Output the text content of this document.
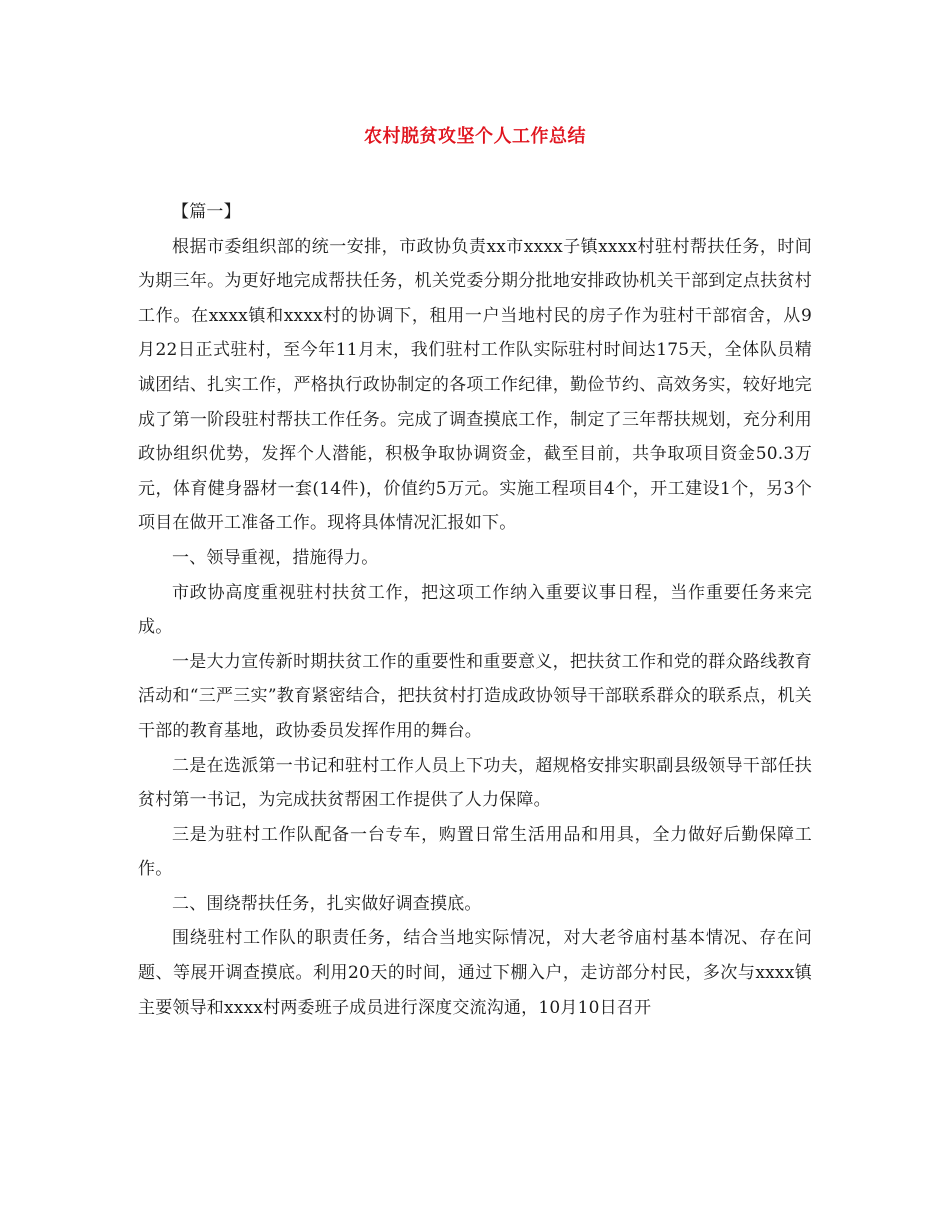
农村脱贫攻坚个人工作总结

【篇一】

根据市委组织部的统一安排，市政协负责xx市xxxx子镇xxxx村驻村帮扶任务，时间为期三年。为更好地完成帮扶任务，机关党委分期分批地安排政协机关干部到定点扶贫村工作。在xxxx镇和xxxx村的协调下，租用一户当地村民的房子作为驻村干部宿舍，从9月22日正式驻村，至今年11月末，我们驻村工作队实际驻村时间达175天，全体队员精诚团结、扎实工作，严格执行政协制定的各项工作纪律，勤俭节约、高效务实，较好地完成了第一阶段驻村帮扶工作任务。完成了调查摸底工作，制定了三年帮扶规划，充分利用政协组织优势，发挥个人潜能，积极争取协调资金，截至目前，共争取项目资金50.3万元，体育健身器材一套(14件)，价值约5万元。实施工程项目4个，开工建设1个，另3个项目在做开工准备工作。现将具体情况汇报如下。

一、领导重视，措施得力。

市政协高度重视驻村扶贫工作，把这项工作纳入重要议事日程，当作重要任务来完成。

一是大力宣传新时期扶贫工作的重要性和重要意义，把扶贫工作和党的群众路线教育活动和“三严三实”教育紧密结合，把扶贫村打造成政协领导干部联系群众的联系点，机关干部的教育基地，政协委员发挥作用的舞台。

二是在选派第一书记和驻村工作人员上下功夫，超规格安排实职副县级领导干部任扶贫村第一书记，为完成扶贫帮困工作提供了人力保障。

三是为驻村工作队配备一台专车，购置日常生活用品和用具，全力做好后勤保障工作。

二、围绕帮扶任务，扎实做好调查摸底。

围绕驻村工作队的职责任务，结合当地实际情况，对大老爷庙村基本情况、存在问题、等展开调查摸底。利用20天的时间，通过下棚入户，走访部分村民，多次与xxxx镇主要领导和xxxx村两委班子成员进行深度交流沟通，10月10日召开
